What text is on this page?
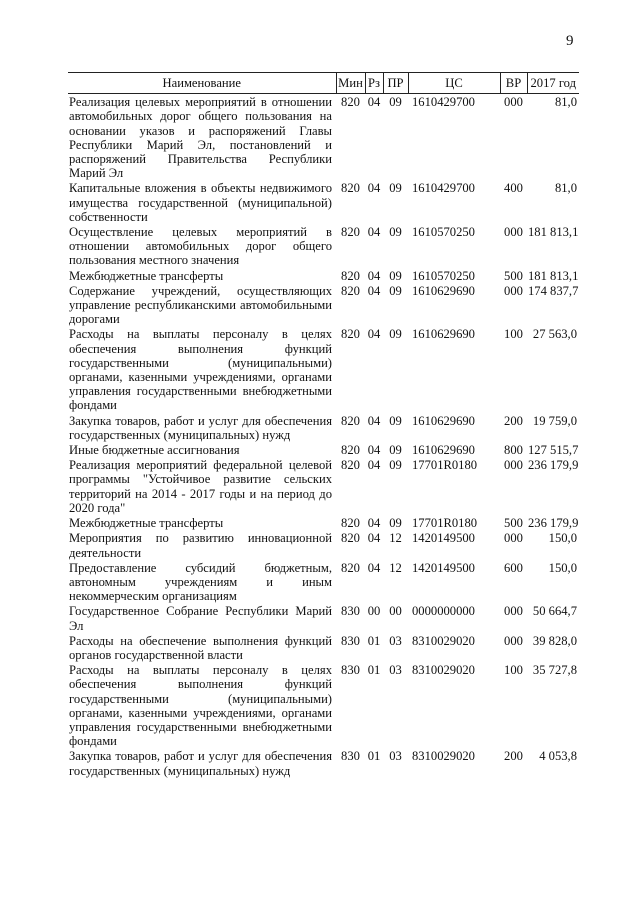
9
Наименование	Мин	Рз	ПР	ЦС	ВР	2017 год
Реализация целевых мероприятий в отношении автомобильных дорог общего пользования на основании указов и распоряжений Главы Республики Марий Эл, постановлений и распоряжений Правительства Республики Марий Эл	820	04	09	1610429700	000	81,0
Капитальные вложения в объекты недвижимого имущества государственной (муниципальной) собственности	820	04	09	1610429700	400	81,0
Осуществление целевых мероприятий в отношении автомобильных дорог общего пользования местного значения	820	04	09	1610570250	000	181 813,1
Межбюджетные трансферты	820	04	09	1610570250	500	181 813,1
Содержание учреждений, осуществляющих управление республиканскими автомобильными дорогами	820	04	09	1610629690	000	174 837,7
Расходы на выплаты персоналу в целях обеспечения выполнения функций государственными (муниципальными) органами, казенными учреждениями, органами управления государственными внебюджетными фондами	820	04	09	1610629690	100	27 563,0
Закупка товаров, работ и услуг для обеспечения государственных (муниципальных) нужд	820	04	09	1610629690	200	19 759,0
Иные бюджетные ассигнования	820	04	09	1610629690	800	127 515,7
Реализация мероприятий федеральной целевой программы "Устойчивое развитие сельских территорий на 2014 - 2017 годы и на период до 2020 года"	820	04	09	17701R0180	000	236 179,9
Межбюджетные трансферты	820	04	09	17701R0180	500	236 179,9
Мероприятия по развитию инновационной деятельности	820	04	12	1420149500	000	150,0
Предоставление субсидий бюджетным, автономным учреждениям и иным некоммерческим организациям	820	04	12	1420149500	600	150,0
Государственное Собрание Республики Марий Эл	830	00	00	0000000000	000	50 664,7
Расходы на обеспечение выполнения функций органов государственной власти	830	01	03	8310029020	000	39 828,0
Расходы на выплаты персоналу в целях обеспечения выполнения функций государственными (муниципальными) органами, казенными учреждениями, органами управления государственными внебюджетными фондами	830	01	03	8310029020	100	35 727,8
Закупка товаров, работ и услуг для обеспечения государственных (муниципальных) нужд	830	01	03	8310029020	200	4 053,8
